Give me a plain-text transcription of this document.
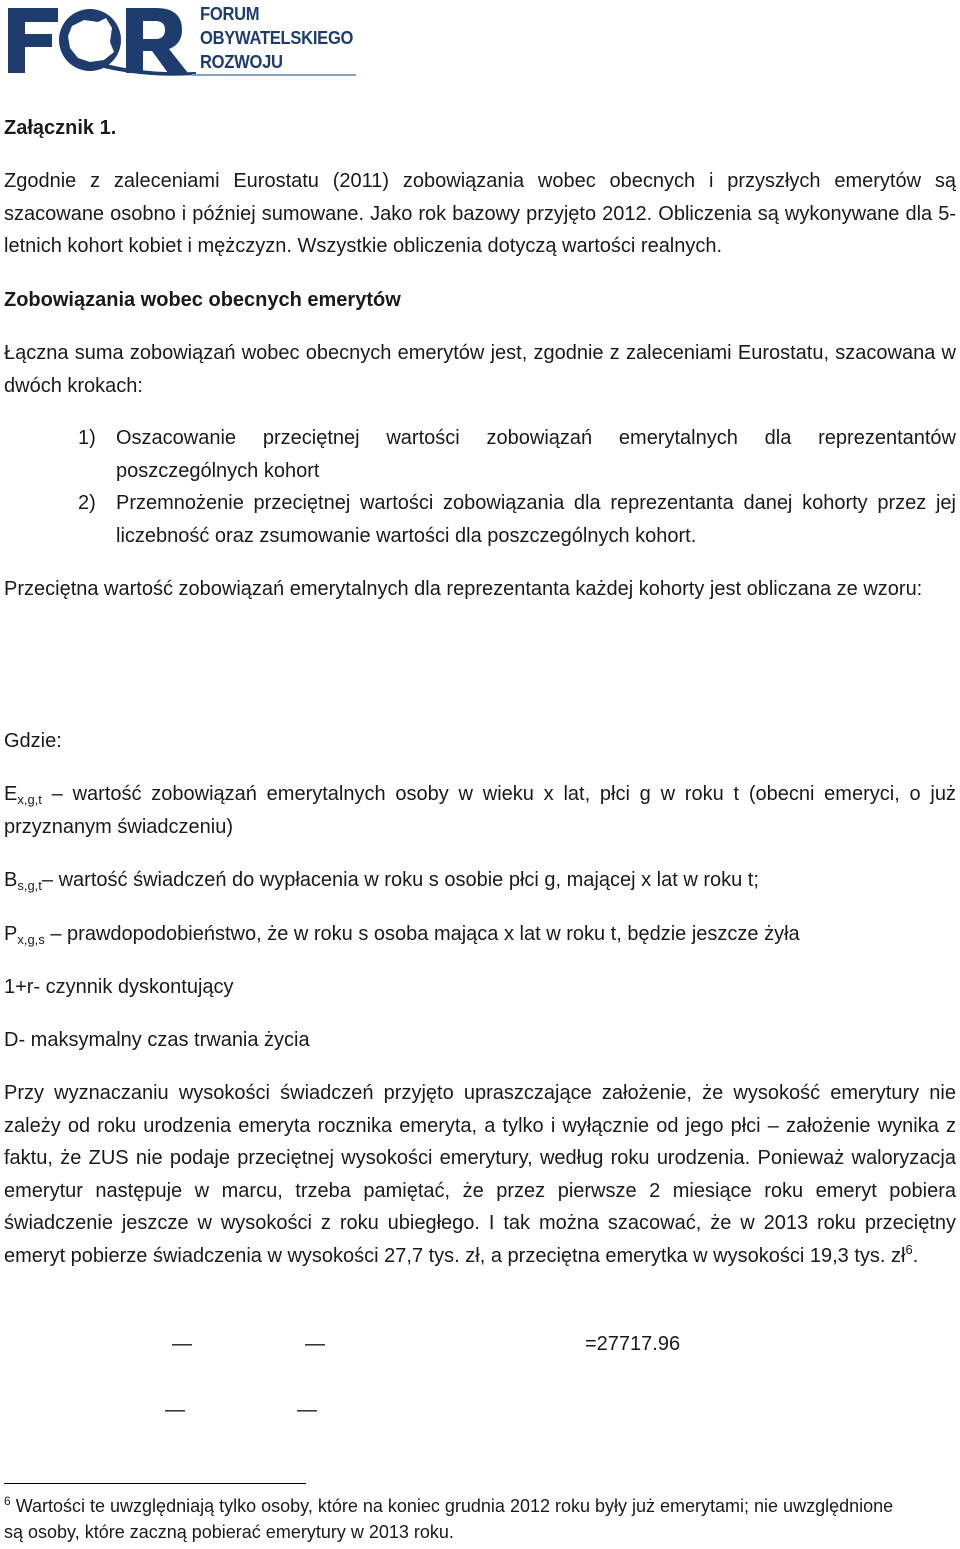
FORUM
OBYWATELSKIEGO
ROZWOJU

Załącznik 1.

Zgodnie z zaleceniami Eurostatu (2011) zobowiązania wobec obecnych i przyszłych emerytów są szacowane osobno i później sumowane. Jako rok bazowy przyjęto 2012. Obliczenia są wykonywane dla 5-letnich kohort kobiet i mężczyzn. Wszystkie obliczenia dotyczą wartości realnych.

Zobowiązania wobec obecnych emerytów

Łączna suma zobowiązań wobec obecnych emerytów jest, zgodnie z zaleceniami Eurostatu, szacowana w dwóch krokach:

1) Oszacowanie przeciętnej wartości zobowiązań emerytalnych dla reprezentantów poszczególnych kohort
2) Przemnożenie przeciętnej wartości zobowiązania dla reprezentanta danej kohorty przez jej liczebność oraz zsumowanie wartości dla poszczególnych kohort.

Przeciętna wartość zobowiązań emerytalnych dla reprezentanta każdej kohorty jest obliczana ze wzoru:

Gdzie:

$E_{x,g,t}$ – wartość zobowiązań emerytalnych osoby w wieku x lat, płci g w roku t (obecni emeryci, o już przyznanym świadczeniu)
$B_{s,g,t}-$ wartość świadczeń do wypłacenia w roku s osobie płci g, mającej x lat w roku t;
$P_{x,g,s}$ – prawdopodobieństwo, że w roku s osoba mająca x lat w roku t, będzie jeszcze żyła

1+r- czynnik dyskontujący

D- maksymalny czas trwania życia

Przy wyznaczaniu wysokości świadczeń przyjęto upraszczające założenie, że wysokość emerytury nie zależy od roku urodzenia emeryta rocznika emeryta, a tylko i wyłącznie od jego płci – założenie wynika z faktu, że ZUS nie podaje przeciętnej wysokości emerytury, według roku urodzenia. Ponieważ waloryzacja emerytur następuje w marcu, trzeba pamiętać, że przez pierwsze 2 miesiące roku emeryt pobiera świadczenie jeszcze w wysokości z roku ubiegłego. I tak można szacować, że w 2013 roku przeciętny emeryt pobierze świadczenia w wysokości 27,7 tys. zł, a przeciętna emerytka w wysokości 19,3 tys. zł$^6$.

—	—	=27717.96
—	—
$^6$ Wartości te uwzględniają tylko osoby, które na koniec grudnia 2012 roku były już emerytami; nie uwzględnione są osoby, które zaczną pobierać emerytury w 2013 roku.
